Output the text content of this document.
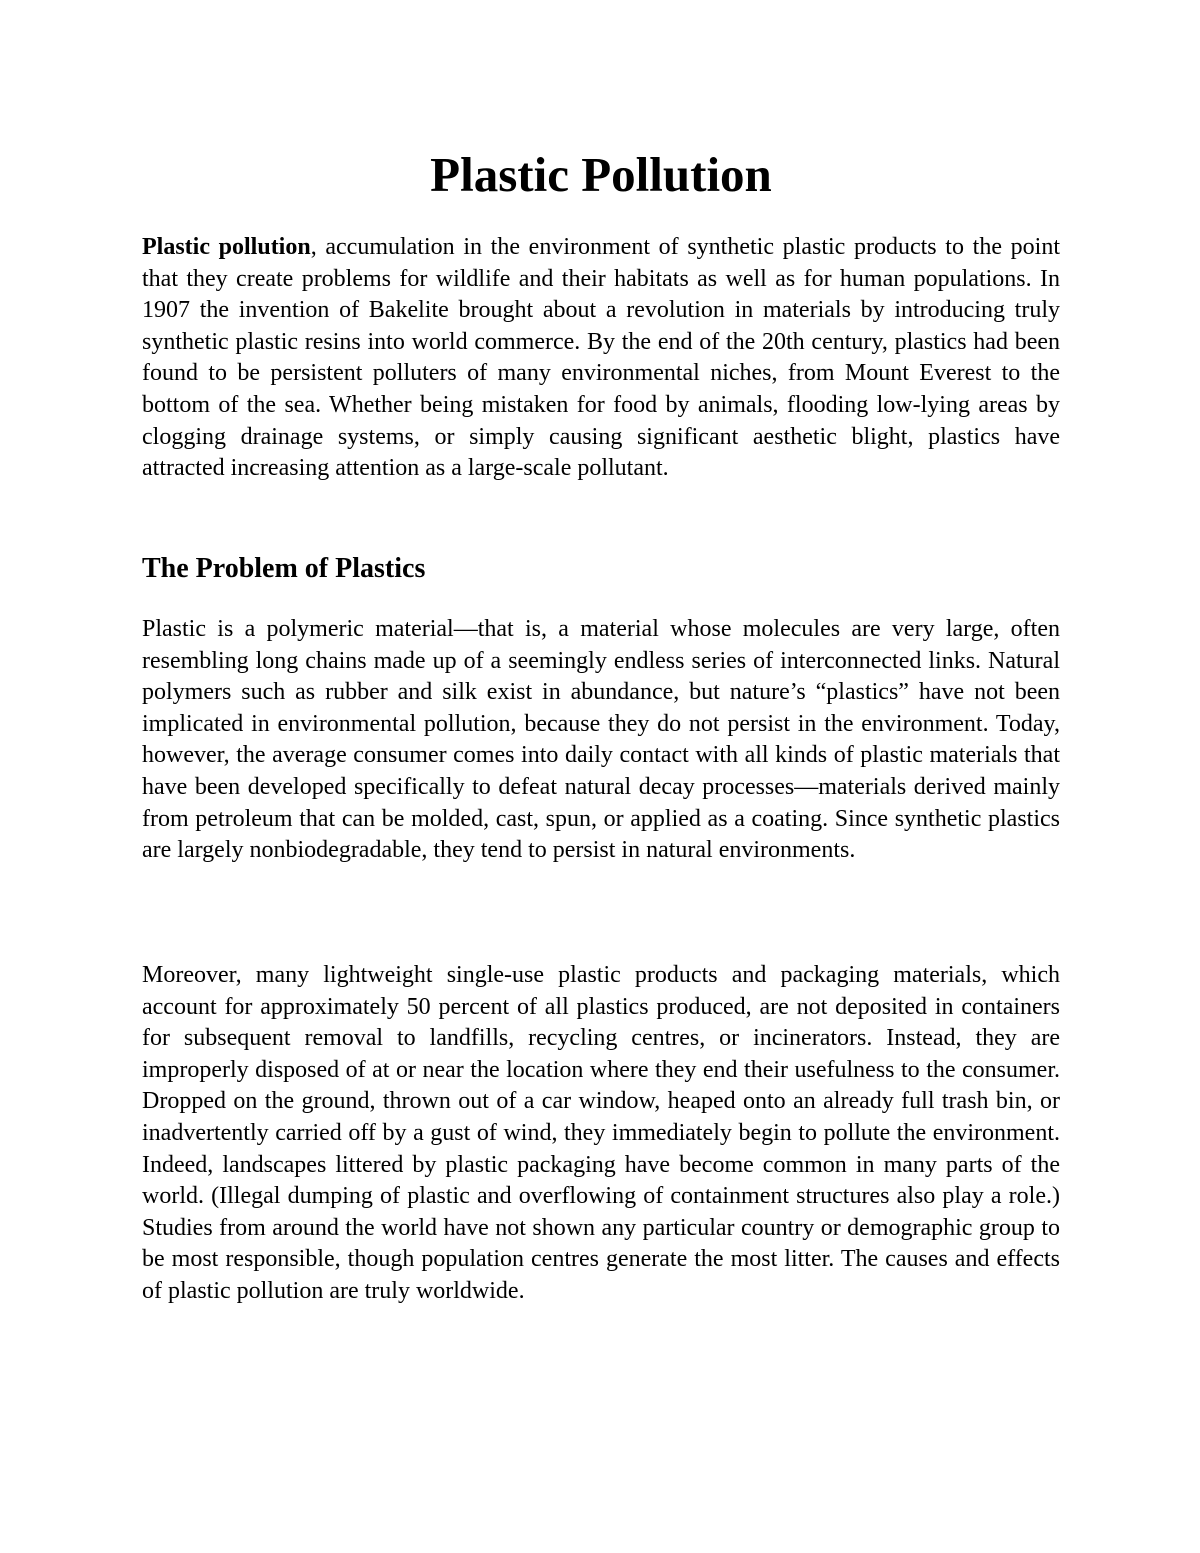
Plastic Pollution

Plastic pollution, accumulation in the environment of synthetic plastic products to the point that they create problems for wildlife and their habitats as well as for human populations. In 1907 the invention of Bakelite brought about a revolution in materials by introducing truly synthetic plastic resins into world commerce. By the end of the 20th century, plastics had been found to be persistent polluters of many environmental niches, from Mount Everest to the bottom of the sea. Whether being mistaken for food by animals, flooding low-lying areas by clogging drainage systems, or simply causing significant aesthetic blight, plastics have attracted increasing attention as a large-scale pollutant.

The Problem of Plastics

Plastic is a polymeric material—that is, a material whose molecules are very large, often resembling long chains made up of a seemingly endless series of interconnected links. Natural polymers such as rubber and silk exist in abundance, but nature’s “plastics” have not been implicated in environmental pollution, because they do not persist in the environment. Today, however, the average consumer comes into daily contact with all kinds of plastic materials that have been developed specifically to defeat natural decay processes—materials derived mainly from petroleum that can be molded, cast, spun, or applied as a coating. Since synthetic plastics are largely nonbiodegradable, they tend to persist in natural environments.

Moreover, many lightweight single-use plastic products and packaging materials, which account for approximately 50 percent of all plastics produced, are not deposited in containers for subsequent removal to landfills, recycling centres, or incinerators. Instead, they are improperly disposed of at or near the location where they end their usefulness to the consumer. Dropped on the ground, thrown out of a car window, heaped onto an already full trash bin, or inadvertently carried off by a gust of wind, they immediately begin to pollute the environment. Indeed, landscapes littered by plastic packaging have become common in many parts of the world. (Illegal dumping of plastic and overflowing of containment structures also play a role.) Studies from around the world have not shown any particular country or demographic group to be most responsible, though population centres generate the most litter. The causes and effects of plastic pollution are truly worldwide.
